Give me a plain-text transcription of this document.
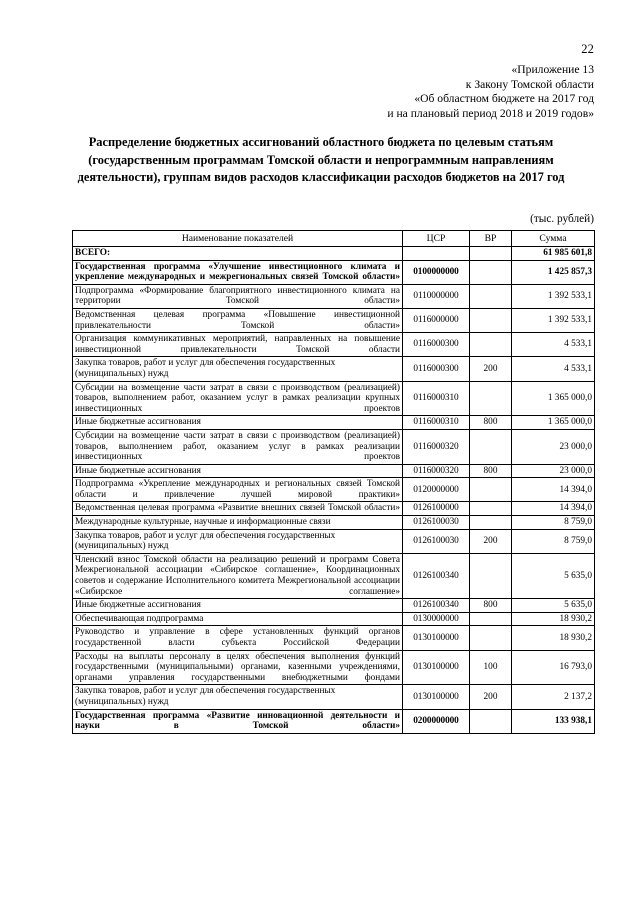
22
«Приложение 13
к Закону Томской области
«Об областном бюджете на 2017 год
и на плановый период 2018 и 2019 годов»
Распределение бюджетных ассигнований областного бюджета по целевым статьям (государственным программам Томской области и непрограммным направлениям деятельности), группам видов расходов классификации расходов бюджетов на 2017 год
(тыс. рублей)
Наименование показателей	ЦСР	ВР	Сумма
ВСЕГО:			61 985 601,8
Государственная программа «Улучшение инвестиционного климата и укрепление международных и межрегиональных связей Томской области»	0100000000		1 425 857,3
Подпрограмма «Формирование благоприятного инвестиционного климата на территории Томской области»	0110000000		1 392 533,1
Ведомственная целевая программа «Повышение инвестиционной привлекательности Томской области»	0116000000		1 392 533,1
Организация коммуникативных мероприятий, направленных на повышение инвестиционной привлекательности Томской области	0116000300		4 533,1
Закупка товаров, работ и услуг для обеспечения государственных (муниципальных) нужд	0116000300	200	4 533,1
Субсидии на возмещение части затрат в связи с производством (реализацией) товаров, выполнением работ, оказанием услуг в рамках реализации крупных инвестиционных проектов	0116000310		1 365 000,0
Иные бюджетные ассигнования	0116000310	800	1 365 000,0
Субсидии на возмещение части затрат в связи с производством (реализацией) товаров, выполнением работ, оказанием услуг в рамках реализации инвестиционных проектов	0116000320		23 000,0
Иные бюджетные ассигнования	0116000320	800	23 000,0
Подпрограмма «Укрепление международных и региональных связей Томской области и привлечение лучшей мировой практики»	0120000000		14 394,0
Ведомственная целевая программа «Развитие внешних связей Томской области»	0126100000		14 394,0
Международные культурные, научные и информационные связи	0126100030		8 759,0
Закупка товаров, работ и услуг для обеспечения государственных (муниципальных) нужд	0126100030	200	8 759,0
Членский взнос Томской области на реализацию решений и программ Совета Межрегиональной ассоциации «Сибирское соглашение», Координационных советов и содержание Исполнительного комитета Межрегиональной ассоциации «Сибирское соглашение»	0126100340		5 635,0
Иные бюджетные ассигнования	0126100340	800	5 635,0
Обеспечивающая подпрограмма	0130000000		18 930,2
Руководство и управление в сфере установленных функций органов государственной власти субъекта Российской Федерации	0130100000		18 930,2
Расходы на выплаты персоналу в целях обеспечения выполнения функций государственными (муниципальными) органами, казенными учреждениями, органами управления государственными внебюджетными фондами	0130100000	100	16 793,0
Закупка товаров, работ и услуг для обеспечения государственных (муниципальных) нужд	0130100000	200	2 137,2
Государственная программа «Развитие инновационной деятельности и науки в Томской области»	0200000000		133 938,1
